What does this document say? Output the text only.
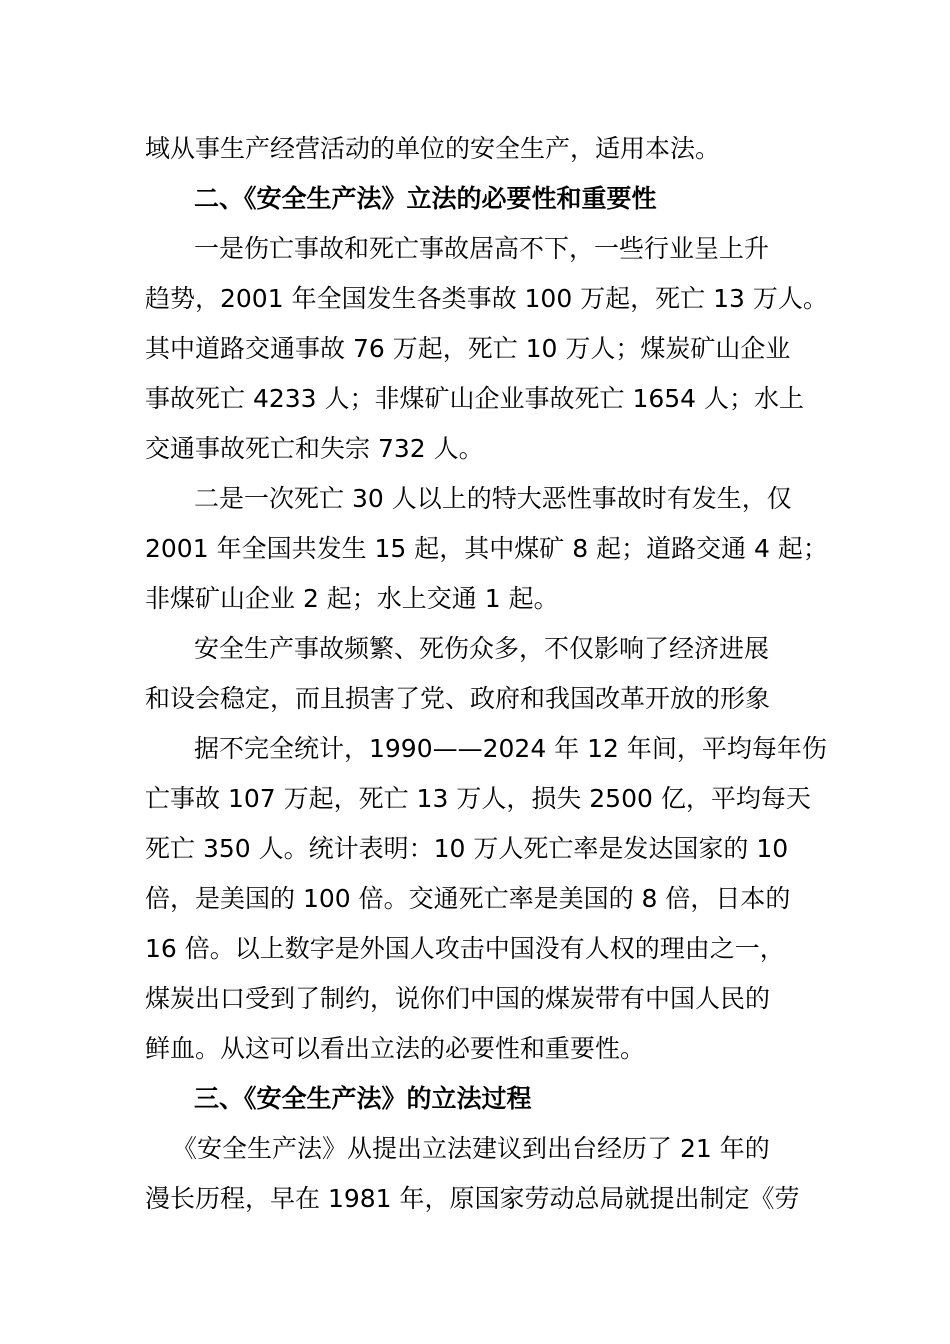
域从事生产经营活动的单位的安全生产，适用本法。
二、《安全生产法》立法的必要性和重要性
一是伤亡事故和死亡事故居高不下，一些行业呈上升
趋势，2001 年全国发生各类事故 100 万起，死亡 13 万人。
其中道路交通事故 76 万起，死亡 10 万人；煤炭矿山企业
事故死亡 4233 人；非煤矿山企业事故死亡 1654 人；水上
交通事故死亡和失宗 732 人。
二是一次死亡 30 人以上的特大恶性事故时有发生，仅
2001 年全国共发生 15 起，其中煤矿 8 起；道路交通 4 起；
非煤矿山企业 2 起；水上交通 1 起。
安全生产事故频繁、死伤众多，不仅影响了经济进展
和设会稳定，而且损害了党、政府和我国改革开放的形象
据不完全统计，1990——2024 年 12 年间，平均每年伤
亡事故 107 万起，死亡 13 万人，损失 2500 亿，平均每天
死亡 350 人。统计表明：10 万人死亡率是发达国家的 10
倍，是美国的 100 倍。交通死亡率是美国的 8 倍，日本的
16 倍。以上数字是外国人攻击中国没有人权的理由之一，
煤炭出口受到了制约，说你们中国的煤炭带有中国人民的
鲜血。从这可以看出立法的必要性和重要性。
三、《安全生产法》的立法过程
《安全生产法》从提出立法建议到出台经历了 21 年的
漫长历程，早在 1981 年，原国家劳动总局就提出制定《劳
